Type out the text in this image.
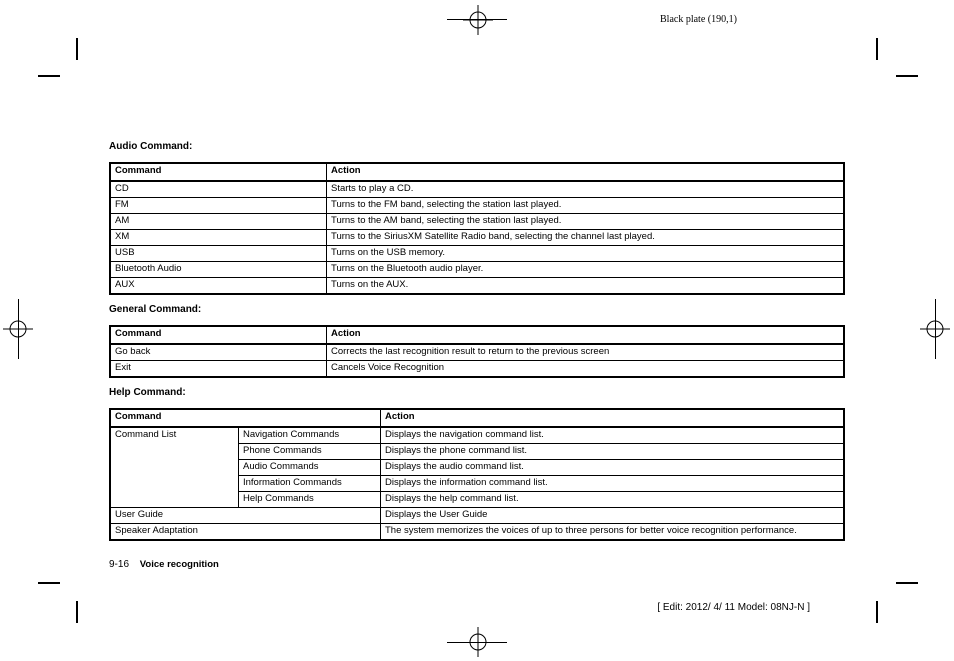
Black plate (190,1)
Audio Command:
Command	Action
CD	Starts to play a CD.
FM	Turns to the FM band, selecting the station last played.
AM	Turns to the AM band, selecting the station last played.
XM	Turns to the SiriusXM Satellite Radio band, selecting the channel last played.
USB	Turns on the USB memory.
Bluetooth Audio	Turns on the Bluetooth audio player.
AUX	Turns on the AUX.
General Command:
Command	Action
Go back	Corrects the last recognition result to return to the previous screen
Exit	Cancels Voice Recognition
Help Command:
Command		Action
Command List	Navigation Commands	Displays the navigation command list.
	Phone Commands	Displays the phone command list.
	Audio Commands	Displays the audio command list.
	Information Commands	Displays the information command list.
	Help Commands	Displays the help command list.
User Guide		Displays the User Guide
Speaker Adaptation		The system memorizes the voices of up to three persons for better voice recognition performance.
9-16 Voice recognition
[ Edit: 2012/ 4/ 11 Model: 08NJ-N ]
